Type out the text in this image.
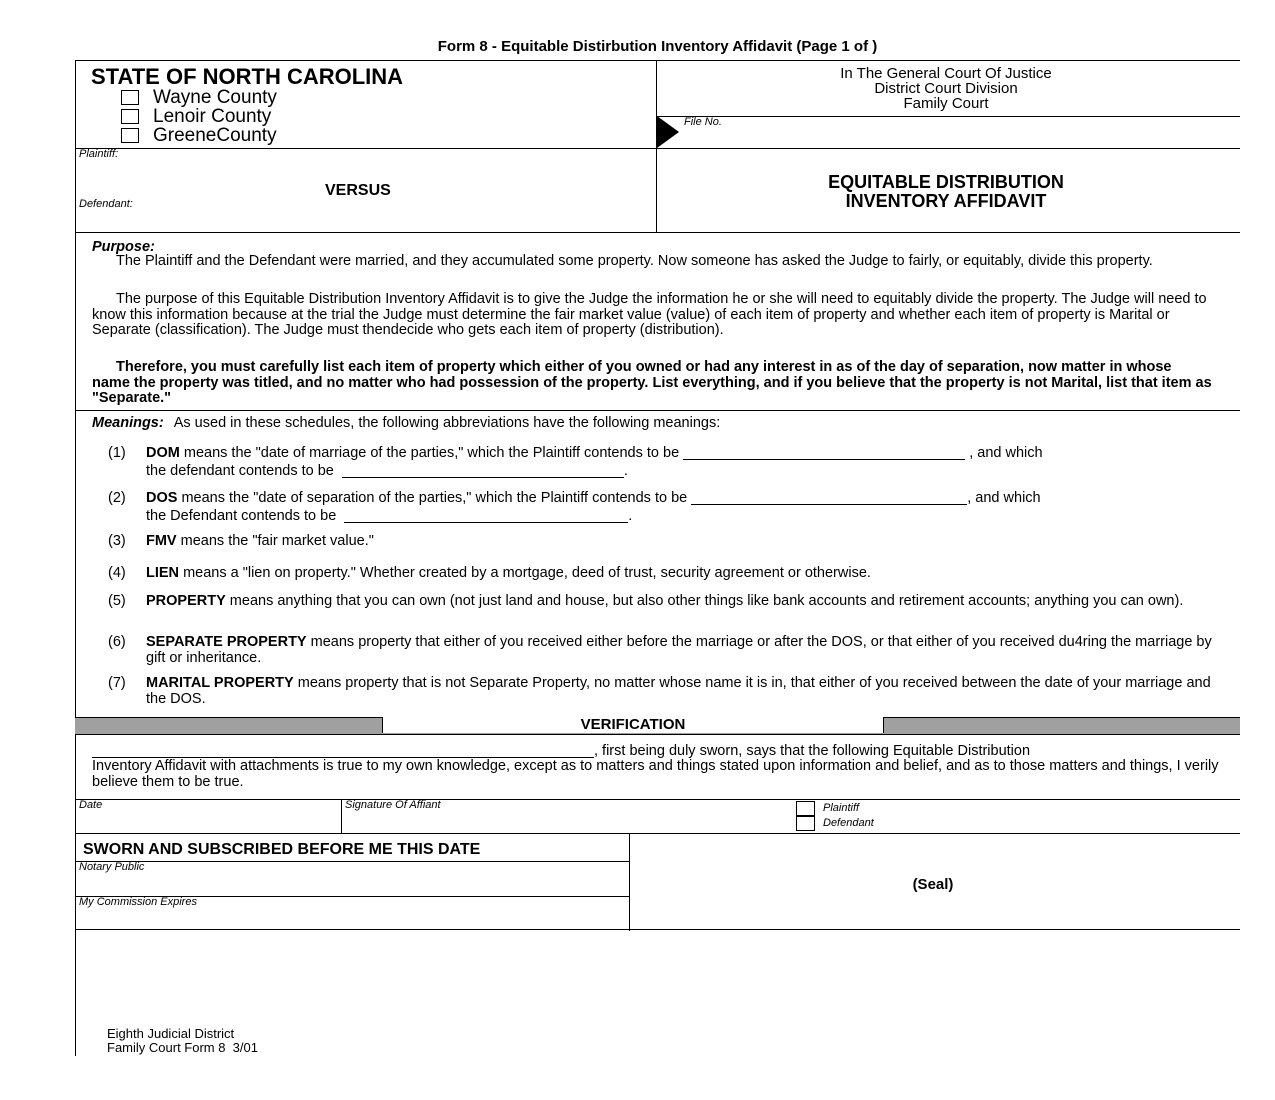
Form 8 - Equitable Distirbution Inventory Affidavit (Page 1 of )
STATE OF NORTH CAROLINA
Wayne County
Lenoir County
GreeneCounty
In The General Court Of Justice
District Court Division
Family Court
File No.
Plaintiff:
VERSUS
Defendant:
EQUITABLE DISTRIBUTION
INVENTORY AFFIDAVIT
Purpose:
The Plaintiff and the Defendant were married, and they accumulated some property. Now someone has asked the Judge to fairly, or equitably, divide this property.
The purpose of this Equitable Distribution Inventory Affidavit is to give the Judge the information he or she will need to equitably divide the property. The Judge will need to know this information because at the trial the Judge must determine the fair market value (value) of each item of property and whether each item of property is Marital or Separate (classification). The Judge must thendecide who gets each item of property (distribution).
Therefore, you must carefully list each item of property which either of you owned or had any interest in as of the day of separation, now matter in whose name the property was titled, and no matter who had possession of the property. List everything, and if you believe that the property is not Marital, list that item as "Separate."
Meanings: As used in these schedules, the following abbreviations have the following meanings:
(1)	DOM means the "date of marriage of the parties," which the Plaintiff contends to be	, and which
the defendant contends to be	.
(2)	DOS means the "date of separation of the parties," which the Plaintiff contends to be	, and which
the Defendant contends to be	.
(3)	FMV means the "fair market value."
(4)	LIEN means a "lien on property." Whether created by a mortgage, deed of trust, security agreement or otherwise.
(5)	PROPERTY means anything that you can own (not just land and house, but also other things like bank accounts and retirement accounts; anything you can own).
(6)	SEPARATE PROPERTY means property that either of you received either before the marriage or after the DOS, or that either of you received du4ring the marriage by gift or inheritance.
(7)	MARITAL PROPERTY means property that is not Separate Property, no matter whose name it is in, that either of you received between the date of your marriage and the DOS.
VERIFICATION
, first being duly sworn, says that the following Equitable Distribution
Inventory Affidavit with attachments is true to my own knowledge, except as to matters and things stated upon information and belief, and as to those matters and things, I verily believe them to be true.
Date	Signature Of Affiant	Plaintiff
Defendant
SWORN AND SUBSCRIBED BEFORE ME THIS DATE
Notary Public
My Commission Expires
(Seal)
Eighth Judicial District
Family Court Form 8  3/01
